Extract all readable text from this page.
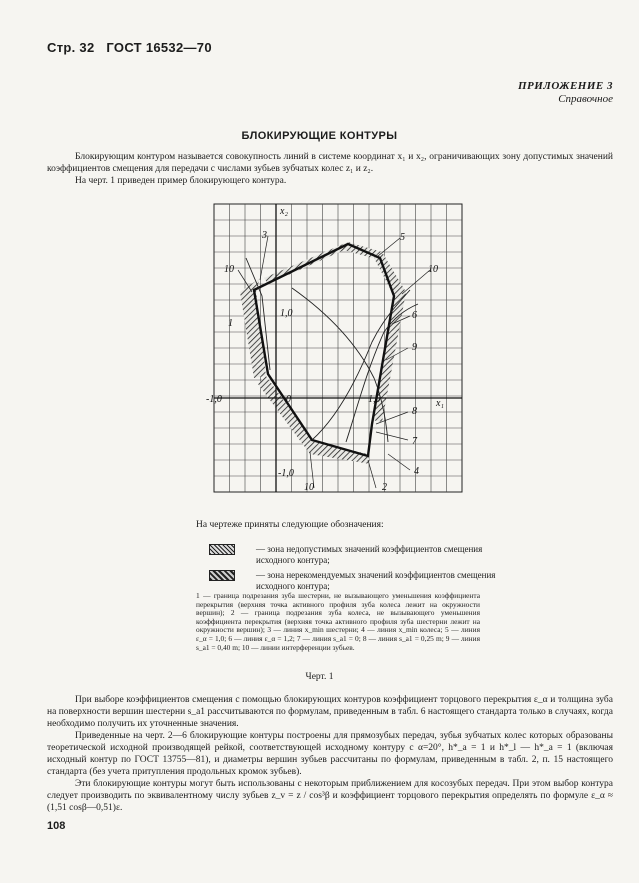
Стр. 32 ГОСТ 16532—70
ПРИЛОЖЕНИЕ 3
Справочное
БЛОКИРУЮЩИЕ КОНТУРЫ
Блокирующим контуром называется совокупность линий в системе координат x₁ и x₂, ограничивающих зону допустимых значений коэффициентов смещения для передачи с числами зубьев зубчатых колес z₁ и z₂.
На черт. 1 приведен пример блокирующего контура.
x₂
x₁
0	1,0
-1,0
1,0
-1,0
1
2
3
4
5
6
7
8
9
10	10
10
На чертеже приняты следующие обозначения:
— зона недопустимых значений коэффициентов смещения исходного контура;
— зона нерекомендуемых значений коэффициентов смещения исходного контура;
1 — граница подрезания зуба шестерни, не вызывающего уменьшения коэффициента перекрытия (верхняя точка активного профиля зуба колеса лежит на окружности вершин); 2 — граница подрезания зуба колеса, не вызывающего уменьшения коэффициента перекрытия (верхняя точка активного профиля зуба шестерни лежит на окружности вершин); 3 — линия x_min шестерни; 4 — линия x_min колеса; 5 — линия ε_α = 1,0; 6 — линия ε_α = 1,2; 7 — линия s_a1 = 0; 8 — линия s_a1 = 0,25 m; 9 — линия s_a1 = 0,40 m; 10 — линии интерференции зубьев.
Черт. 1
При выборе коэффициентов смещения с помощью блокирующих контуров коэффициент торцового перекрытия ε_α и толщина зуба на поверхности вершин шестерни s_a1 рассчитываются по формулам, приведенным в табл. 6 настоящего стандарта только в случаях, когда необходимо получить их уточненные значения.
Приведенные на черт. 2—6 блокирующие контуры построены для прямозубых передач, зубья зубчатых колес которых образованы теоретической исходной производящей рейкой, соответствующей исходному контуру с α=20°, h*_a = 1 и h*_l — h*_a = 1 (включая исходный контур по ГОСТ 13755—81), и диаметры вершин зубьев рассчитаны по формулам, приведенным в табл. 2, п. 15 настоящего стандарта (без учета притупления продольных кромок зубьев).
Эти блокирующие контуры могут быть использованы с некоторым приближением для косозубых передач. При этом выбор контура следует производить по эквивалентному числу зубьев z_v = z / cos³β и коэффициент торцового перекрытия определять по формуле ε_α ≈ (1,51 cosβ—0,51)ε.
108
